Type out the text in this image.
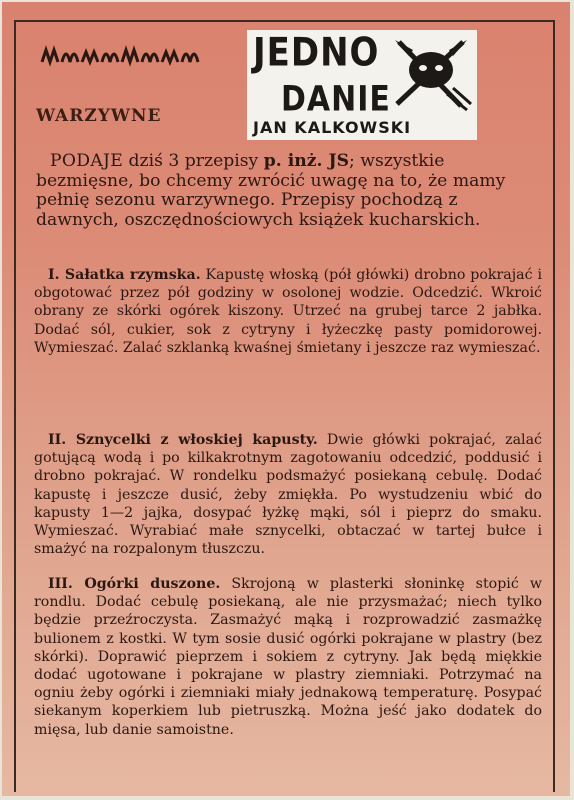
JEDNO
DANIE
JAN KALKOWSKI
WARZYWNE
PODAJE dziś 3 przepisy p. inż. JS; wszystkie bezmięsne, bo chcemy zwrócić uwagę na to, że mamy pełnię sezonu warzywnego. Przepisy pochodzą z dawnych, oszczędnościowych książek kucharskich.
I. Sałatka rzymska. Kapustę włoską (pół główki) drobno pokrajać i obgotować przez pół godziny w osolonej wodzie. Odcedzić. Wkroić obrany ze skórki ogórek kiszony. Utrzeć na grubej tarce 2 jabłka. Dodać sól, cukier, sok z cytryny i łyżeczkę pasty pomidorowej. Wymieszać. Zalać szklanką kwaśnej śmietany i jeszcze raz wymieszać.
II. Sznycelki z włoskiej kapusty. Dwie główki pokrajać, zalać gotującą wodą i po kilkakrotnym zagotowaniu odcedzić, poddusić i drobno pokrajać. W rondelku podsmażyć posiekaną cebulę. Dodać kapustę i jeszcze dusić, żeby zmiękła. Po wystudzeniu wbić do kapusty 1—2 jajka, dosypać łyżkę mąki, sól i pieprz do smaku. Wymieszać. Wyrabiać małe sznycelki, obtaczać w tartej bułce i smażyć na rozpalonym tłuszczu.
III. Ogórki duszone. Skrojoną w plasterki słoninkę stopić w rondlu. Dodać cebulę posiekaną, ale nie przysmażać; niech tylko będzie przeźroczysta. Zasmażyć mąką i rozprowadzić zasmażkę bulionem z kostki. W tym sosie dusić ogórki pokrajane w plastry (bez skórki). Doprawić pieprzem i sokiem z cytryny. Jak będą miękkie dodać ugotowane i pokrajane w plastry ziemniaki. Potrzymać na ogniu żeby ogórki i ziemniaki miały jednakową temperaturę. Posypać siekanym koperkiem lub pietruszką. Można jeść jako dodatek do mięsa, lub danie samoistne.
